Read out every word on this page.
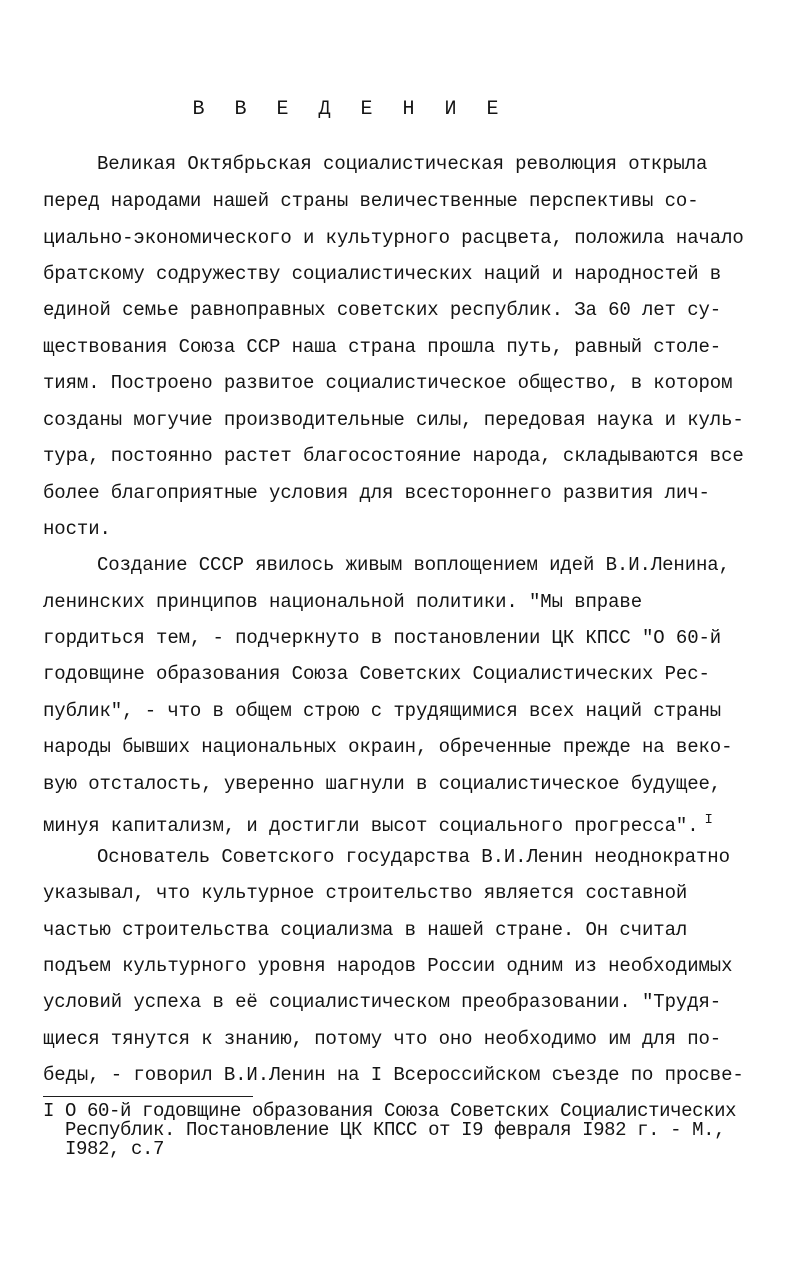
В В Е Д Е Н И Е
Великая Октябрьская социалистическая революция открыла
перед народами нашей страны величественные перспективы со-
циально-экономического и культурного расцвета, положила начало
братскому содружеству социалистических наций и народностей в
единой семье равноправных советских республик. За 60 лет су-
ществования Союза ССР наша страна прошла путь, равный столе-
тиям. Построено развитое социалистическое общество, в котором
созданы могучие производительные силы, передовая наука и куль-
тура, постоянно растет благосостояние народа, складываются все
более благоприятные условия для всестороннего развития лич-
ности.
Создание СССР явилось живым воплощением идей В.И.Ленина,
ленинских принципов национальной политики. "Мы вправе
гордиться тем, - подчеркнуто в постановлении ЦК КПСС "О 60-й
годовщине образования Союза Советских Социалистических Рес-
публик", - что в общем строю с трудящимися всех наций страны
народы бывших национальных окраин, обреченные прежде на веко-
вую отсталость, уверенно шагнули в социалистическое будущее,
минуя капитализм, и достигли высот социального прогресса". $^I$
Основатель Советского государства В.И.Ленин неоднократно
указывал, что культурное строительство является составной
частью строительства социализма в нашей стране. Он считал
подъем культурного уровня народов России одним из необходимых
условий успеха в её социалистическом преобразовании. "Трудя-
щиеся тянутся к знанию, потому что оно необходимо им для по-
беды, - говорил В.И.Ленин на I Всероссийском съезде по просве-
I О 60-й годовщине образования Союза Советских Социалистических
Республик. Постановление ЦК КПСС от I9 февраля I982 г. - М.,
I982, с.7
